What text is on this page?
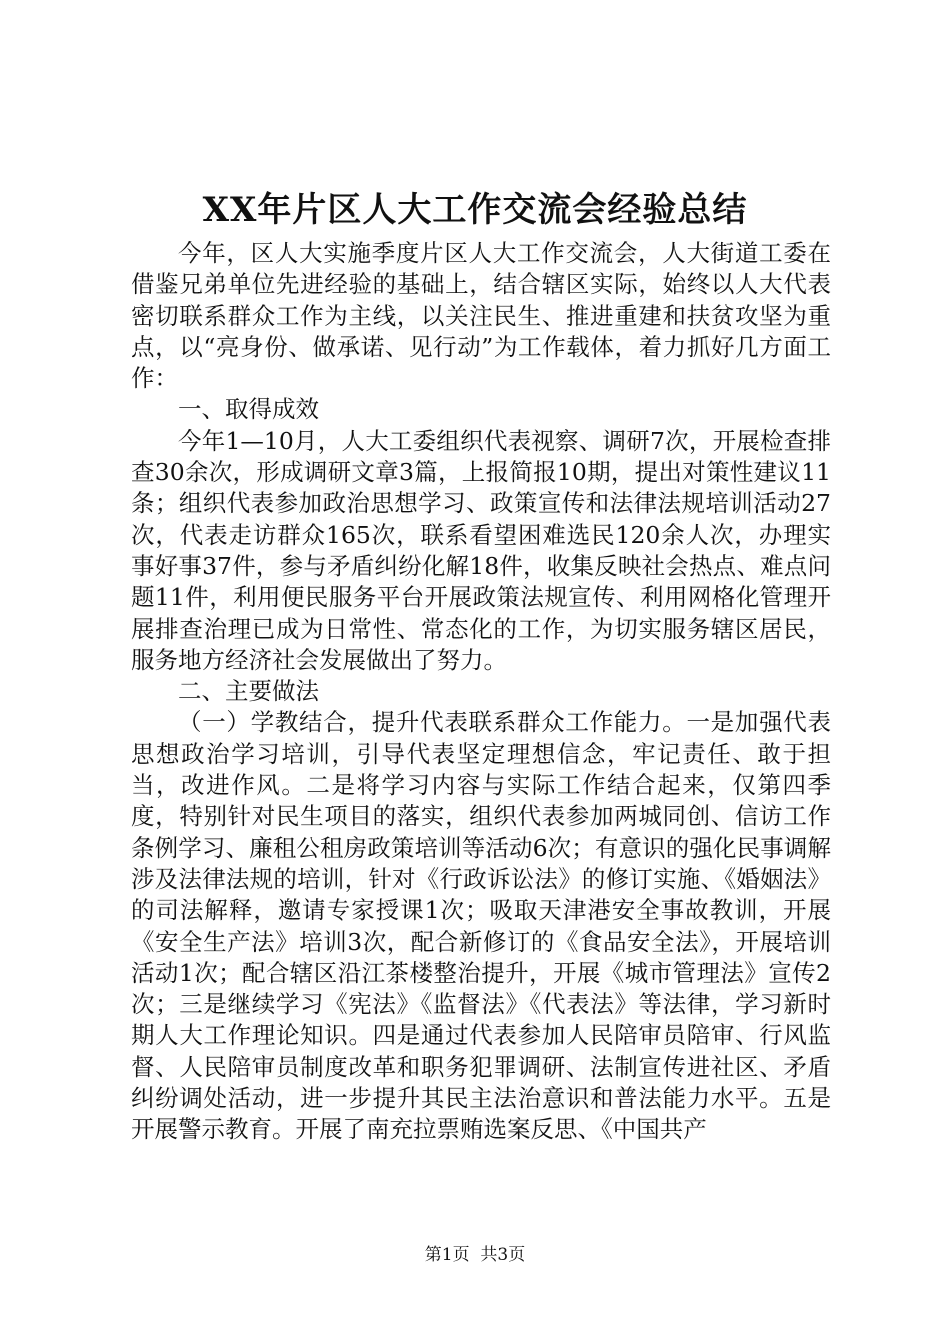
XX年片区人大工作交流会经验总结

今年，区人大实施季度片区人大工作交流会，人大街道工委在借鉴兄弟单位先进经验的基础上，结合辖区实际，始终以人大代表密切联系群众工作为主线，以关注民生、推进重建和扶贫攻坚为重点，以“亮身份、做承诺、见行动”为工作载体，着力抓好几方面工作：

一、取得成效

今年1—10月，人大工委组织代表视察、调研7次，开展检查排查30余次，形成调研文章3篇，上报简报10期，提出对策性建议11条；组织代表参加政治思想学习、政策宣传和法律法规培训活动27次，代表走访群众165次，联系看望困难选民120余人次，办理实事好事37件，参与矛盾纠纷化解18件，收集反映社会热点、难点问题11件，利用便民服务平台开展政策法规宣传、利用网格化管理开展排查治理已成为日常性、常态化的工作，为切实服务辖区居民，服务地方经济社会发展做出了努力。

二、主要做法

（一）学教结合，提升代表联系群众工作能力。一是加强代表思想政治学习培训，引导代表坚定理想信念，牢记责任、敢于担当，改进作风。二是将学习内容与实际工作结合起来，仅第四季度，特别针对民生项目的落实，组织代表参加两城同创、信访工作条例学习、廉租公租房政策培训等活动6次；有意识的强化民事调解涉及法律法规的培训，针对《行政诉讼法》的修订实施、《婚姻法》的司法解释，邀请专家授课1次；吸取天津港安全事故教训，开展《安全生产法》培训3次，配合新修订的《食品安全法》，开展培训活动1次；配合辖区沿江茶楼整治提升，开展《城市管理法》宣传2次；三是继续学习《宪法》《监督法》《代表法》等法律，学习新时期人大工作理论知识。四是通过代表参加人民陪审员陪审、行风监督、人民陪审员制度改革和职务犯罪调研、法制宣传进社区、矛盾纠纷调处活动，进一步提升其民主法治意识和普法能力水平。五是开展警示教育。开展了南充拉票贿选案反思、《中国共产

第1页  共3页
